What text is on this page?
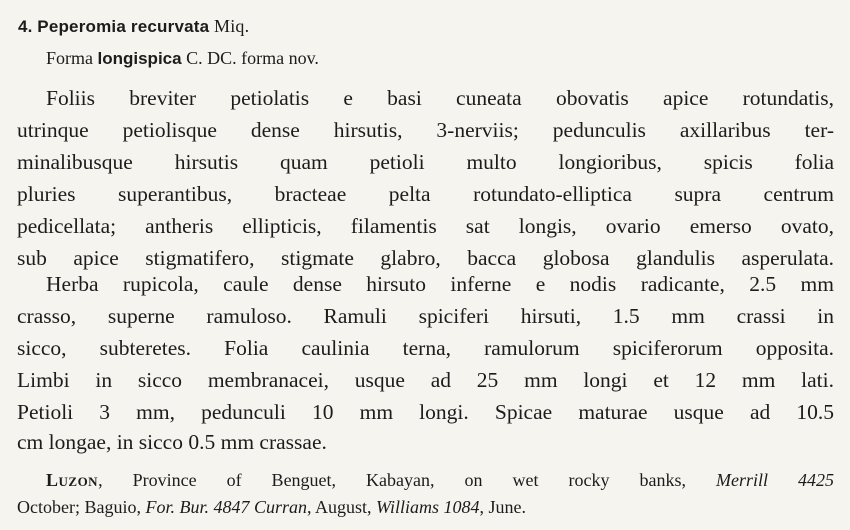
4. Peperomia recurvata Miq.
Forma longispica C. DC. forma nov.
Foliis breviter petiolatis e basi cuneata obovatis apice rotundatis,
utrinque petiolisque dense hirsutis, 3-nerviis; pedunculis axillaribus ter-
minalibusque hirsutis quam petioli multo longioribus, spicis folia
pluries superantibus, bracteae pelta rotundato-elliptica supra centrum
pedicellata; antheris ellipticis, filamentis sat longis, ovario emerso ovato,
sub apice stigmatifero, stigmate glabro, bacca globosa glandulis asperulata.
Herba rupicola, caule dense hirsuto inferne e nodis radicante, 2.5 mm
crasso, superne ramuloso. Ramuli spiciferi hirsuti, 1.5 mm crassi in
sicco, subteretes. Folia caulinia terna, ramulorum spiciferorum opposita.
Limbi in sicco membranacei, usque ad 25 mm longi et 12 mm lati.
Petioli 3 mm, pedunculi 10 mm longi. Spicae maturae usque ad 10.5
cm longae, in sicco 0.5 mm crassae.
Luzon, Province of Benguet, Kabayan, on wet rocky banks, Merrill 4425
October; Baguio, For. Bur. 4847 Curran, August, Williams 1084, June.
